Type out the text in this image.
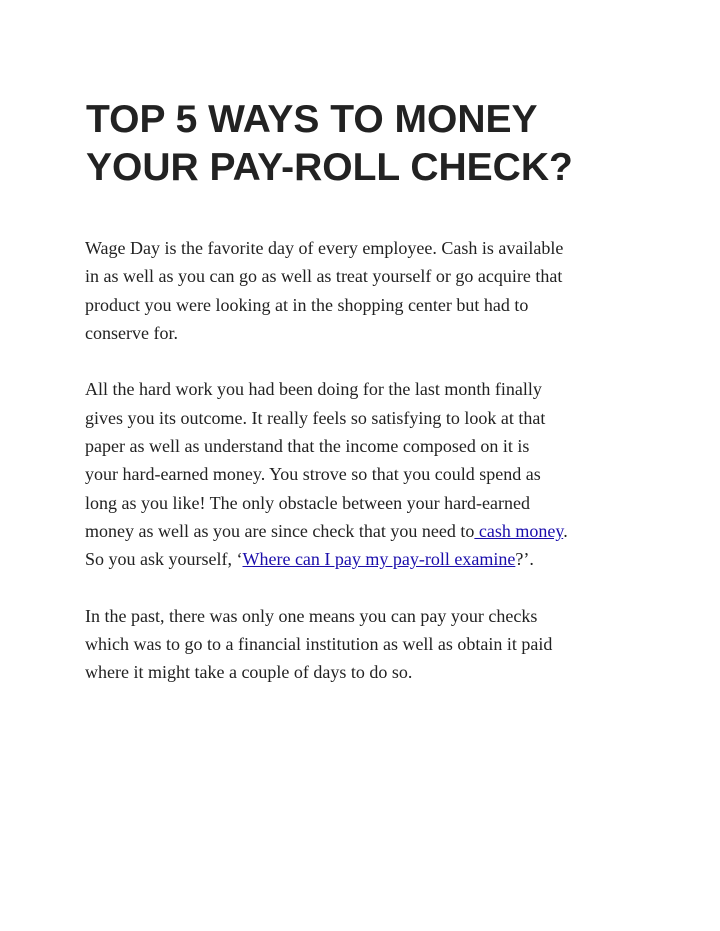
TOP 5 WAYS TO MONEY
YOUR PAY-ROLL CHECK?

Wage Day is the favorite day of every employee. Cash is available
in as well as you can go as well as treat yourself or go acquire that
product you were looking at in the shopping center but had to
conserve for.

All the hard work you had been doing for the last month finally
gives you its outcome. It really feels so satisfying to look at that
paper as well as understand that the income composed on it is
your hard-earned money. You strove so that you could spend as
long as you like! The only obstacle between your hard-earned
money as well as you are since check that you need to cash money.
So you ask yourself, ‘Where can I pay my pay-roll examine?’.

In the past, there was only one means you can pay your checks
which was to go to a financial institution as well as obtain it paid
where it might take a couple of days to do so.
